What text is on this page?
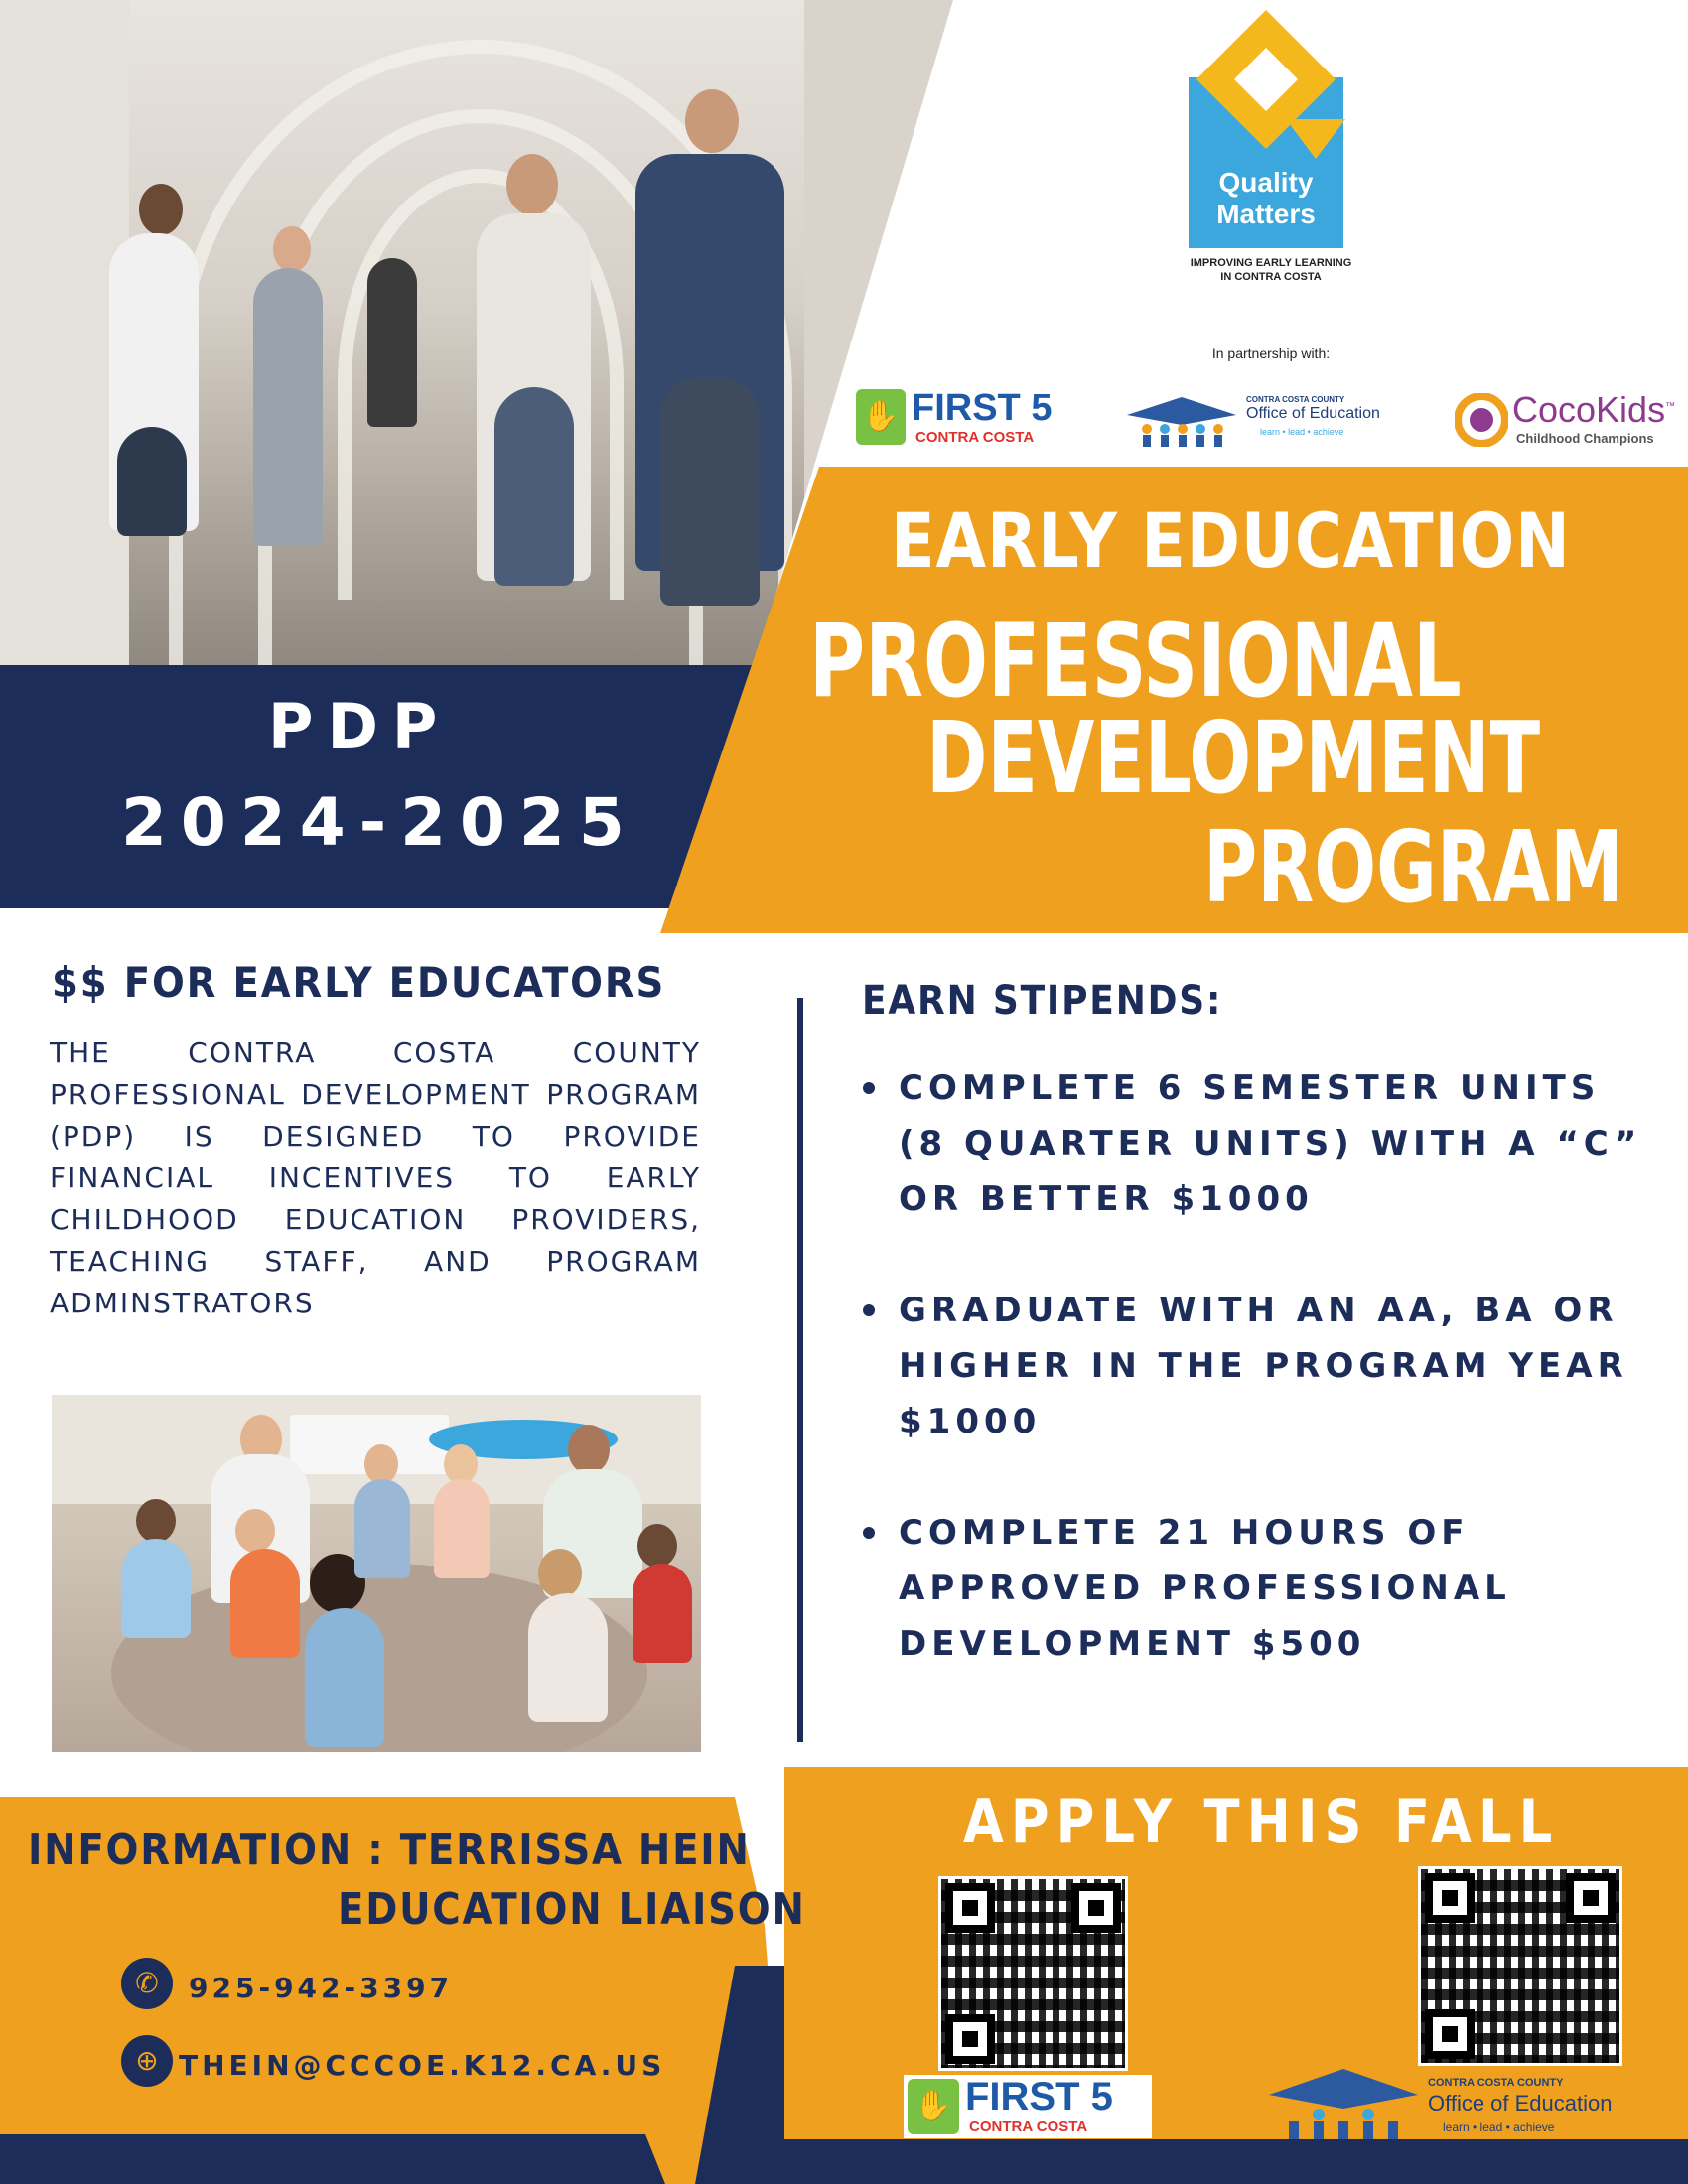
Quality
Matters
IMPROVING EARLY LEARNING
IN CONTRA COSTA
In partnership with:
✋ FIRST 5
CONTRA COSTA
CONTRA COSTA COUNTY
Office of Education
learn • lead • achieve
CocoKids™
Childhood Champions
PDP
2024-2025
EARLY EDUCATION
PROFESSIONAL
DEVELOPMENT
PROGRAM
$$ FOR EARLY EDUCATORS
THE CONTRA COSTA COUNTY PROFESSIONAL DEVELOPMENT PROGRAM (PDP) IS DESIGNED TO PROVIDE FINANCIAL INCENTIVES TO EARLY CHILDHOOD EDUCATION PROVIDERS, TEACHING STAFF, AND PROGRAM ADMINSTRATORS
EARN STIPENDS:
COMPLETE 6 SEMESTER UNITS (8 QUARTER UNITS) WITH A “C” OR BETTER $1000
GRADUATE WITH AN AA, BA OR HIGHER IN THE PROGRAM YEAR $1000
COMPLETE 21 HOURS OF APPROVED PROFESSIONAL DEVELOPMENT $500
INFORMATION : TERRISSA HEIN
EDUCATION LIAISON
✆	925-942-3397
⊕ THEIN@CCCOE.K12.CA.US
APPLY THIS FALL
✋ FIRST 5
CONTRA COSTA
CONTRA COSTA COUNTY
Office of Education
learn • lead • achieve
